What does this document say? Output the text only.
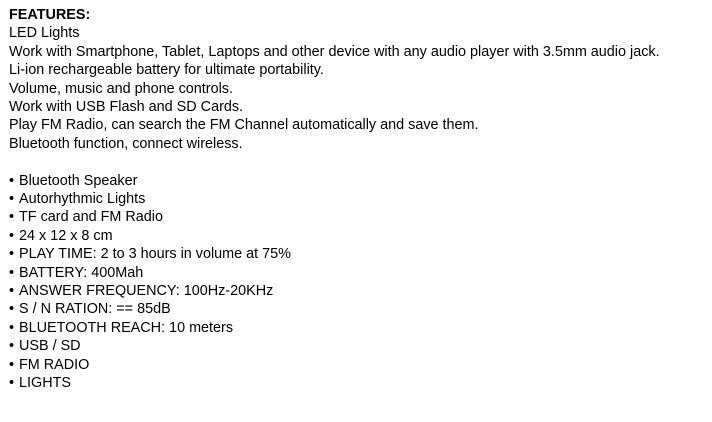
FEATURES:

LED Lights

Work with Smartphone, Tablet, Laptops and other device with any audio player with 3.5mm audio jack.

Li-ion rechargeable battery for ultimate portability.

Volume, music and phone controls.

Work with USB Flash and SD Cards.

Play FM Radio, can search the FM Channel automatically and save them.

Bluetooth function, connect wireless.

• Bluetooth Speaker
• Autorhythmic Lights
• TF card and FM Radio
• 24 x 12 x 8 cm
• PLAY TIME: 2 to 3 hours in volume at 75%
• BATTERY: 400Mah
• ANSWER FREQUENCY: 100Hz-20KHz
• S / N RATION: == 85dB
• BLUETOOTH REACH: 10 meters
• USB / SD
• FM RADIO
• LIGHTS
